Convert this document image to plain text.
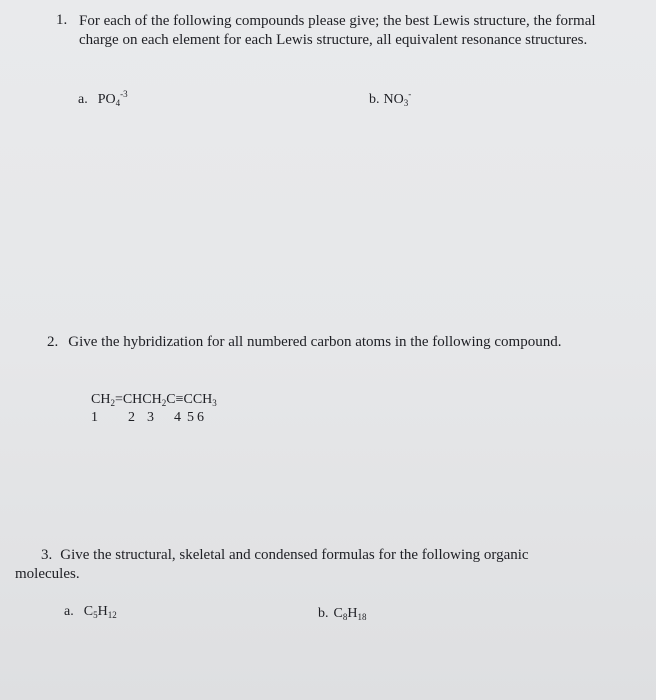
1. For each of the following compounds please give; the best Lewis structure, the formal charge on each element for each Lewis structure, all equivalent resonance structures.
a. $PO_4^{-3}$	b. $NO_3^-$
2. Give the hybridization for all numbered carbon atoms in the following compound.
$CH_2=CHCH_2C\equiv CCH_3$
1 2 3 4 5 6
3. Give the structural, skeletal and condensed formulas for the following organic
molecules.
a. $C_5H_{12}$	b. $C_8H_{18}$
